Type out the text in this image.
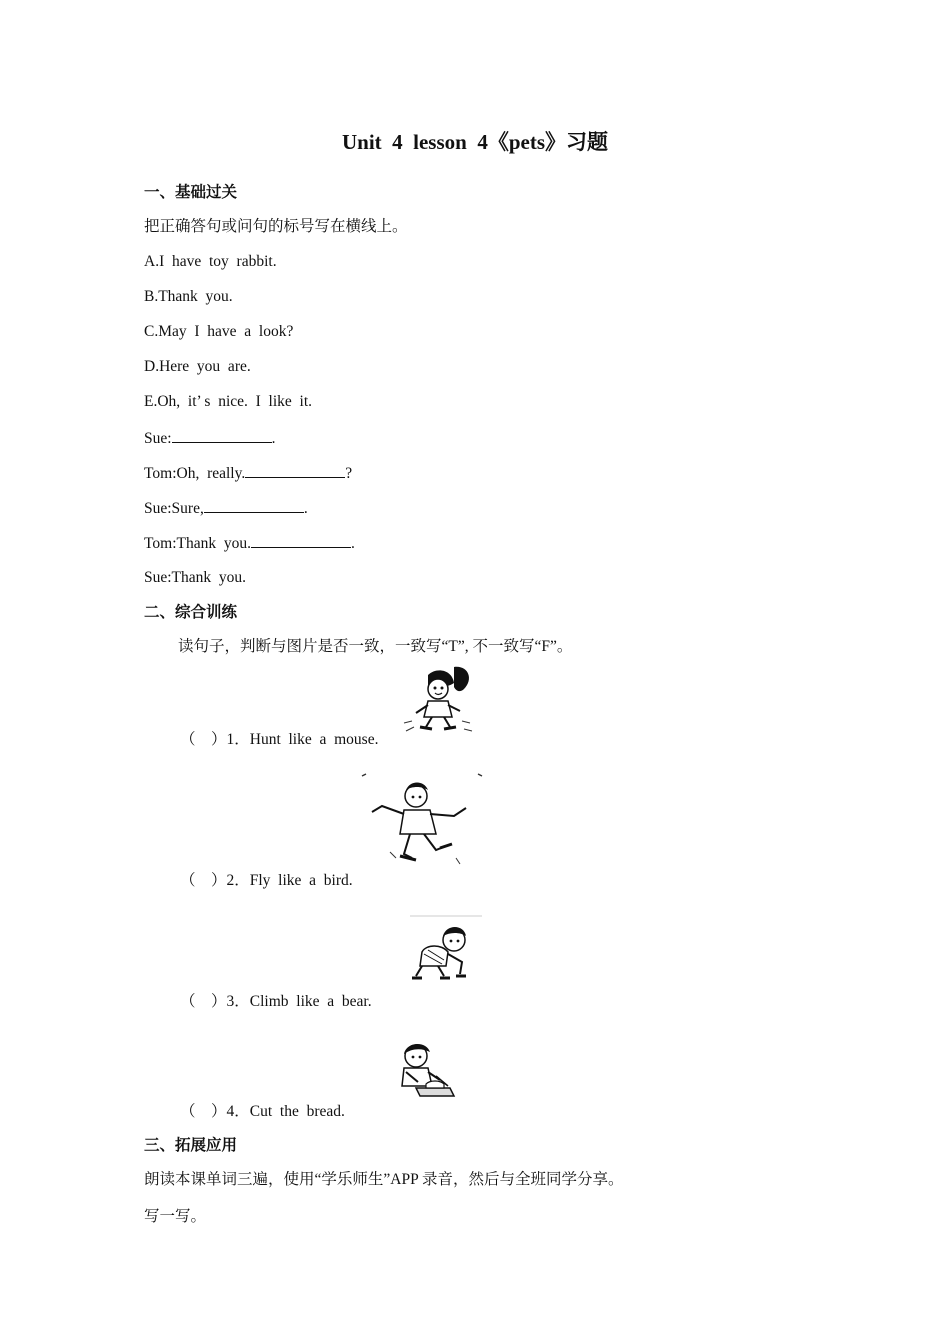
Unit  4  lesson  4《pets》习题
一、基础过关
把正确答句或问句的标号写在横线上。
A.I  have  toy  rabbit.
B.Thank  you.
C.May  I  have  a  look?
D.Here  you  are.
E.Oh,  it’ s  nice.  I  like  it.
Sue:	.
Tom:Oh,  really.	?
Sue:Sure,	.
Tom:Thank  you.	.
Sue:Thank  you.
二、综合训练
读句子，判断与图片是否一致，一致写“T”, 不一致写“F”。
（    ）1．Hunt  like  a  mouse.
（    ）2．Fly  like  a  bird.
（    ）3．Climb  like  a  bear.
（    ）4．Cut  the  bread.
三、拓展应用
朗读本课单词三遍，使用“学乐师生”APP 录音，然后与全班同学分享。
写一写。
